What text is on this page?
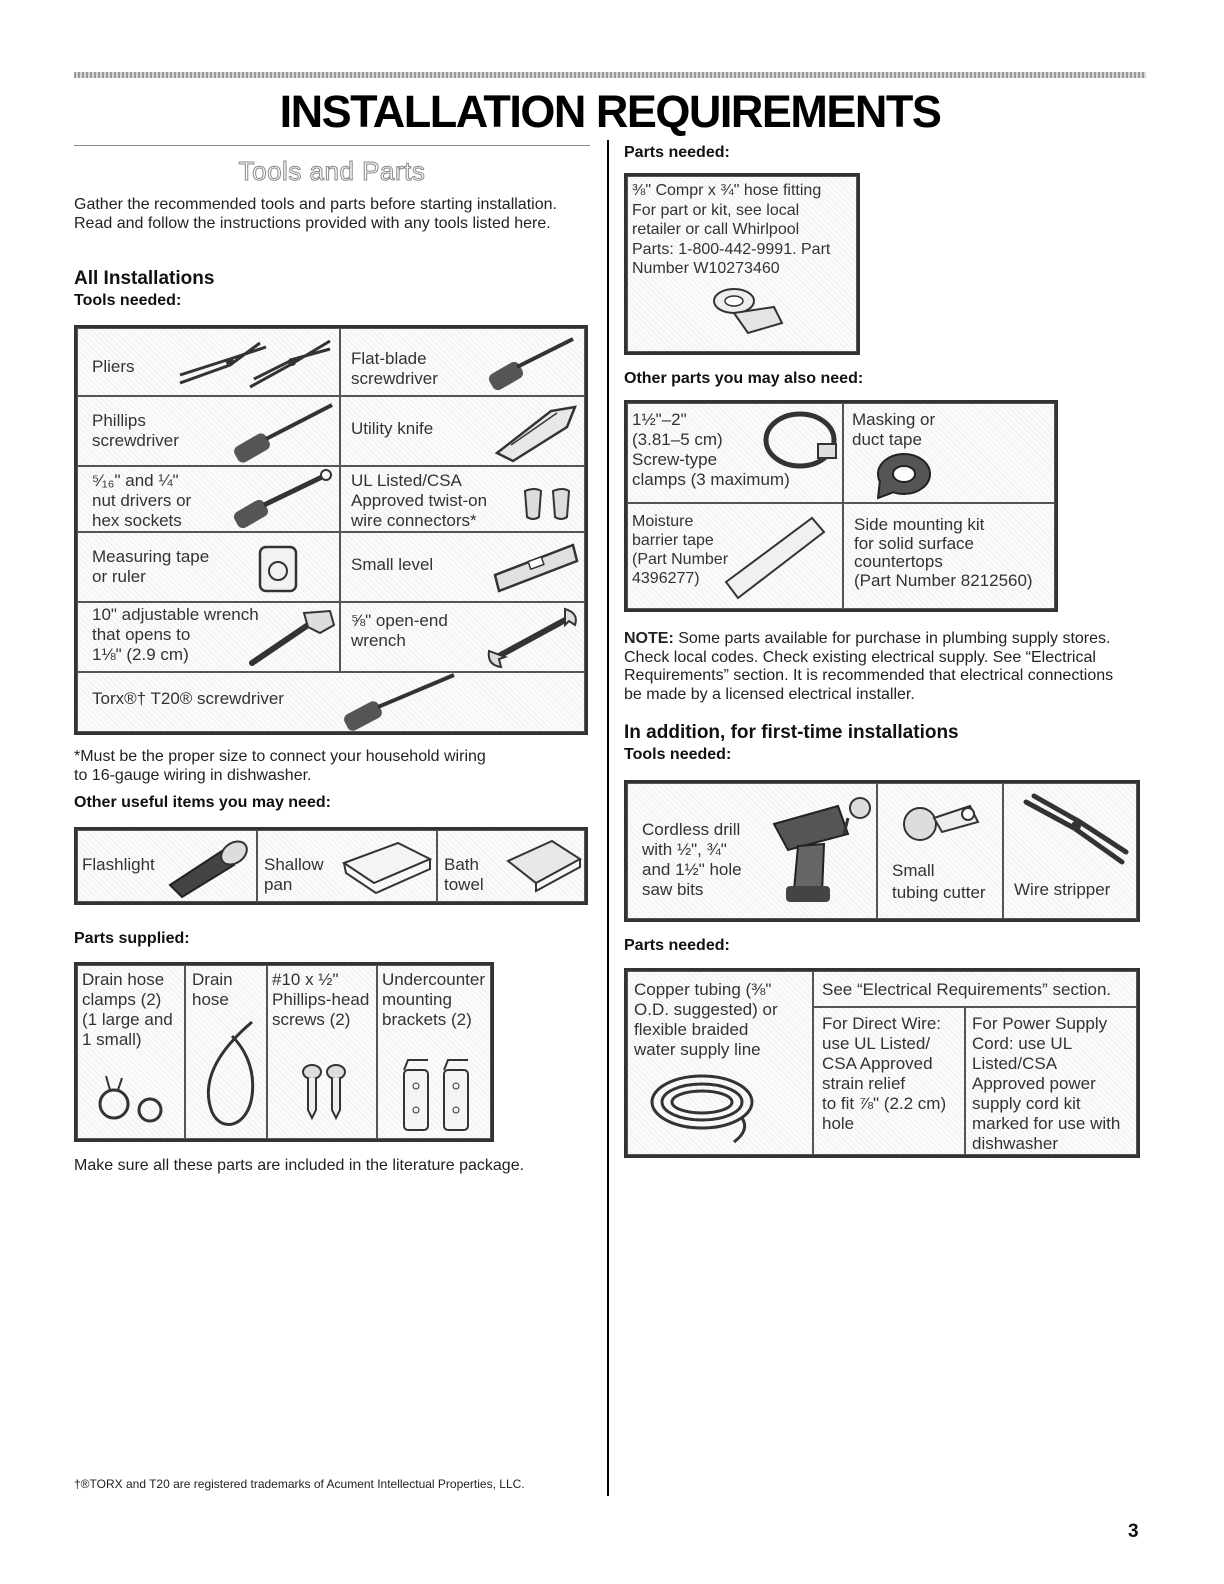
INSTALLATION REQUIREMENTS
Tools and Parts
Gather the recommended tools and parts before starting installation. Read and follow the instructions provided with any tools listed here.
All Installations
Tools needed:
Pliers	Flat-blade
screwdriver
Phillips
screwdriver
Utility knife
⁵⁄₁₆" and ¼"
nut drivers or
hex sockets
UL Listed/CSA
Approved twist-on
wire connectors*
Measuring tape
or ruler
Small level
10" adjustable wrench
that opens to
1⅛" (2.9 cm)
⅝" open-end
wrench
Torx®† T20® screwdriver
*Must be the proper size to connect your household wiring
to 16-gauge wiring in dishwasher.
Other useful items you may need:
Flashlight	Shallow
pan
Bath
towel
Parts supplied:
Drain hose
clamps (2)
(1 large and
1 small)
Drain
hose
#10 x ½"
Phillips-head
screws (2)
Undercounter
mounting
brackets (2)
Make sure all these parts are included in the literature package.
Parts needed:
⅜" Compr x ¾" hose fitting
For part or kit, see local
retailer or call Whirlpool
Parts: 1-800-442-9991. Part
Number W10273460
Other parts you may also need:
1½"–2"
(3.81–5 cm)
Screw-type
clamps (3 maximum)
Masking or
duct tape
Moisture
barrier tape
(Part Number
4396277)
Side mounting kit
for solid surface
countertops
(Part Number 8212560)
NOTE: Some parts available for purchase in plumbing supply stores. Check local codes. Check existing electrical supply. See “Electrical Requirements” section. It is recommended that electrical connections be made by a licensed electrical installer.
In addition, for first-time installations
Tools needed:
Cordless drill
with ½", ¾"
and 1½" hole
saw bits
Small
tubing cutter Wire stripper
Parts needed:
Copper tubing (⅜"
O.D. suggested) or
flexible braided
water supply line
See “Electrical Requirements” section.
For Direct Wire:
use UL Listed/
CSA Approved
strain relief
to fit ⅞" (2.2 cm)
hole
For Power Supply
Cord: use UL
Listed/CSA
Approved power
supply cord kit
marked for use with
dishwasher
†®TORX and T20 are registered trademarks of Acument Intellectual Properties, LLC.
3
